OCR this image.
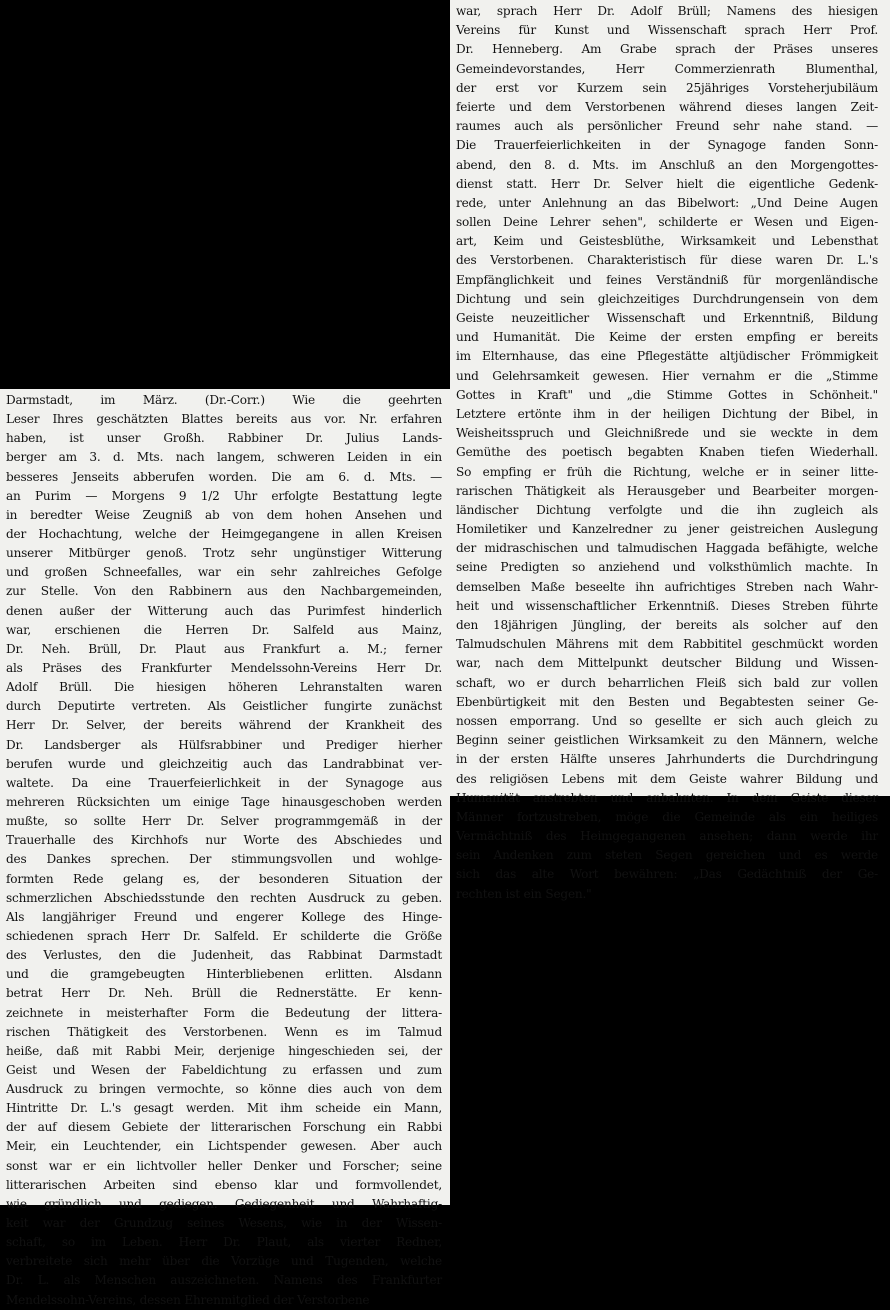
Darmstadt, im März. (Dr.-Corr.) Wie die geehrten
Leser Ihres geschätzten Blattes bereits aus vor. Nr. erfahren
haben, ist unser Großh. Rabbiner Dr. Julius Lands-
berger am 3. d. Mts. nach langem, schweren Leiden in ein
besseres Jenseits abberufen worden. Die am 6. d. Mts. —
an Purim — Morgens 9 1/2 Uhr erfolgte Bestattung legte
in beredter Weise Zeugniß ab von dem hohen Ansehen und
der Hochachtung, welche der Heimgegangene in allen Kreisen
unserer Mitbürger genoß. Trotz sehr ungünstiger Witterung
und großen Schneefalles, war ein sehr zahlreiches Gefolge
zur Stelle. Von den Rabbinern aus den Nachbargemeinden,
denen außer der Witterung auch das Purimfest hinderlich
war, erschienen die Herren Dr. Salfeld aus Mainz,
Dr. Neh. Brüll, Dr. Plaut aus Frankfurt a. M.; ferner
als Präses des Frankfurter Mendelssohn-Vereins Herr Dr.
Adolf Brüll. Die hiesigen höheren Lehranstalten waren
durch Deputirte vertreten. Als Geistlicher fungirte zunächst
Herr Dr. Selver, der bereits während der Krankheit des
Dr. Landsberger als Hülfsrabbiner und Prediger hierher
berufen wurde und gleichzeitig auch das Landrabbinat ver-
waltete. Da eine Trauerfeierlichkeit in der Synagoge aus
mehreren Rücksichten um einige Tage hinausgeschoben werden
mußte, so sollte Herr Dr. Selver programmgemäß in der
Trauerhalle des Kirchhofs nur Worte des Abschiedes und
des Dankes sprechen. Der stimmungsvollen und wohlge-
formten Rede gelang es, der besonderen Situation der
schmerzlichen Abschiedsstunde den rechten Ausdruck zu geben.
Als langjähriger Freund und engerer Kollege des Hinge-
schiedenen sprach Herr Dr. Salfeld. Er schilderte die Größe
des Verlustes, den die Judenheit, das Rabbinat Darmstadt
und die gramgebeugten Hinterbliebenen erlitten. Alsdann
betrat Herr Dr. Neh. Brüll die Rednerstätte. Er kenn-
zeichnete in meisterhafter Form die Bedeutung der littera-
rischen Thätigkeit des Verstorbenen. Wenn es im Talmud
heiße, daß mit Rabbi Meir, derjenige hingeschieden sei, der
Geist und Wesen der Fabeldichtung zu erfassen und zum
Ausdruck zu bringen vermochte, so könne dies auch von dem
Hintritte Dr. L.'s gesagt werden. Mit ihm scheide ein Mann,
der auf diesem Gebiete der litterarischen Forschung ein Rabbi
Meir, ein Leuchtender, ein Lichtspender gewesen. Aber auch
sonst war er ein lichtvoller heller Denker und Forscher; seine
litterarischen Arbeiten sind ebenso klar und formvollendet,
wie gründlich und gediegen. Gediegenheit und Wahrhaftig-
keit war der Grundzug seines Wesens, wie in der Wissen-
schaft, so im Leben. Herr Dr. Plaut, als vierter Redner,
verbreitete sich mehr über die Vorzüge und Tugenden, welche
Dr. L. als Menschen auszeichneten. Namens des Frankfurter
Mendelssohn-Vereins, dessen Ehrenmitglied der Verstorbene
war, sprach Herr Dr. Adolf Brüll; Namens des hiesigen
Vereins für Kunst und Wissenschaft sprach Herr Prof.
Dr. Henneberg. Am Grabe sprach der Präses unseres
Gemeindevorstandes, Herr Commerzienrath Blumenthal,
der erst vor Kurzem sein 25jähriges Vorsteherjubiläum
feierte und dem Verstorbenen während dieses langen Zeit-
raumes auch als persönlicher Freund sehr nahe stand. —
Die Trauerfeierlichkeiten in der Synagoge fanden Sonn-
abend, den 8. d. Mts. im Anschluß an den Morgengottes-
dienst statt. Herr Dr. Selver hielt die eigentliche Gedenk-
rede, unter Anlehnung an das Bibelwort: „Und Deine Augen
sollen Deine Lehrer sehen", schilderte er Wesen und Eigen-
art, Keim und Geistesblüthe, Wirksamkeit und Lebensthat
des Verstorbenen. Charakteristisch für diese waren Dr. L.'s
Empfänglichkeit und feines Verständniß für morgenländische
Dichtung und sein gleichzeitiges Durchdrungensein von dem
Geiste neuzeitlicher Wissenschaft und Erkenntniß, Bildung
und Humanität. Die Keime der ersten empfing er bereits
im Elternhause, das eine Pflegestätte altjüdischer Frömmigkeit
und Gelehrsamkeit gewesen. Hier vernahm er die „Stimme
Gottes in Kraft" und „die Stimme Gottes in Schönheit."
Letztere ertönte ihm in der heiligen Dichtung der Bibel, in
Weisheitsspruch und Gleichnißrede und sie weckte in dem
Gemüthe des poetisch begabten Knaben tiefen Wiederhall.
So empfing er früh die Richtung, welche er in seiner litte-
rarischen Thätigkeit als Herausgeber und Bearbeiter morgen-
ländischer Dichtung verfolgte und die ihn zugleich als
Homiletiker und Kanzelredner zu jener geistreichen Auslegung
der midraschischen und talmudischen Haggada befähigte, welche
seine Predigten so anziehend und volksthümlich machte. In
demselben Maße beseelte ihn aufrichtiges Streben nach Wahr-
heit und wissenschaftlicher Erkenntniß. Dieses Streben führte
den 18jährigen Jüngling, der bereits als solcher auf den
Talmudschulen Mährens mit dem Rabbititel geschmückt worden
war, nach dem Mittelpunkt deutscher Bildung und Wissen-
schaft, wo er durch beharrlichen Fleiß sich bald zur vollen
Ebenbürtigkeit mit den Besten und Begabtesten seiner Ge-
nossen emporrang. Und so gesellte er sich auch gleich zu
Beginn seiner geistlichen Wirksamkeit zu den Männern, welche
in der ersten Hälfte unseres Jahrhunderts die Durchdringung
des religiösen Lebens mit dem Geiste wahrer Bildung und
Humanität anstrebten und anbahnten. In dem Geiste dieser
Männer fortzustreben, möge die Gemeinde als ein heiliges
Vermächtniß des Heimgegangenen ansehen; dann werde ihr
sein Andenken zum steten Segen gereichen und es werde
sich das alte Wort bewähren: „Das Gedächtniß der Ge-
rechten ist ein Segen."
